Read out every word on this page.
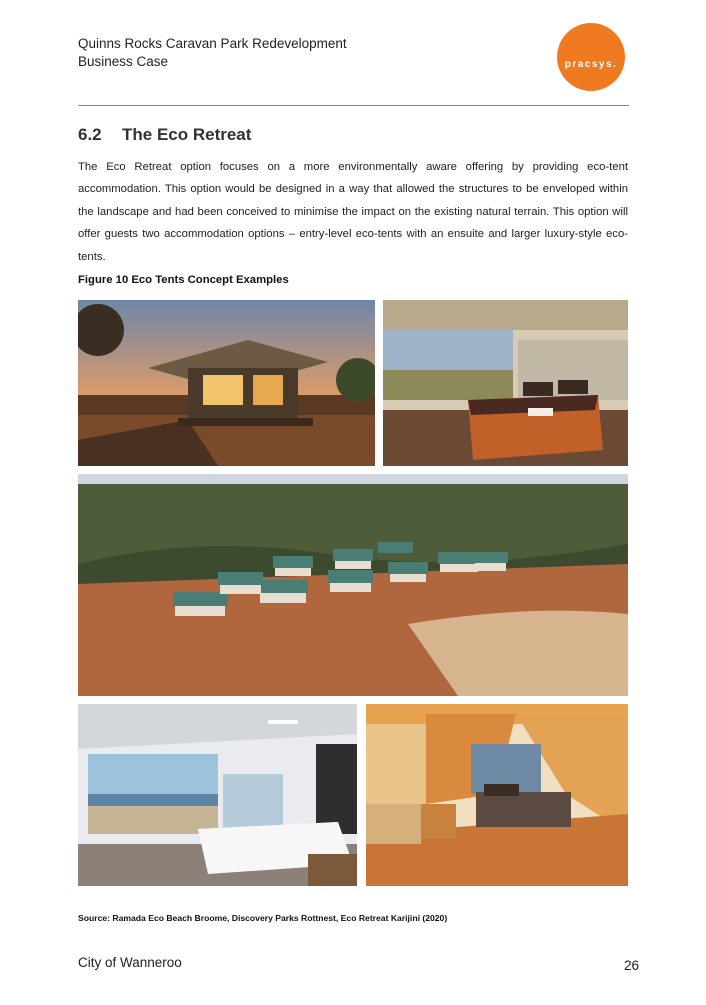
Quinns Rocks Caravan Park Redevelopment
Business Case	pracsys.
6.2 The Eco Retreat
The Eco Retreat option focuses on a more environmentally aware offering by providing eco-tent accommodation. This option would be designed in a way that allowed the structures to be enveloped within the landscape and had been conceived to minimise the impact on the existing natural terrain. This option will offer guests two accommodation options – entry-level eco-tents with an ensuite and larger luxury-style eco-tents.
Figure 10 Eco Tents Concept Examples
Source: Ramada Eco Beach Broome, Discovery Parks Rottnest, Eco Retreat Karijini (2020)
City of Wanneroo	26
